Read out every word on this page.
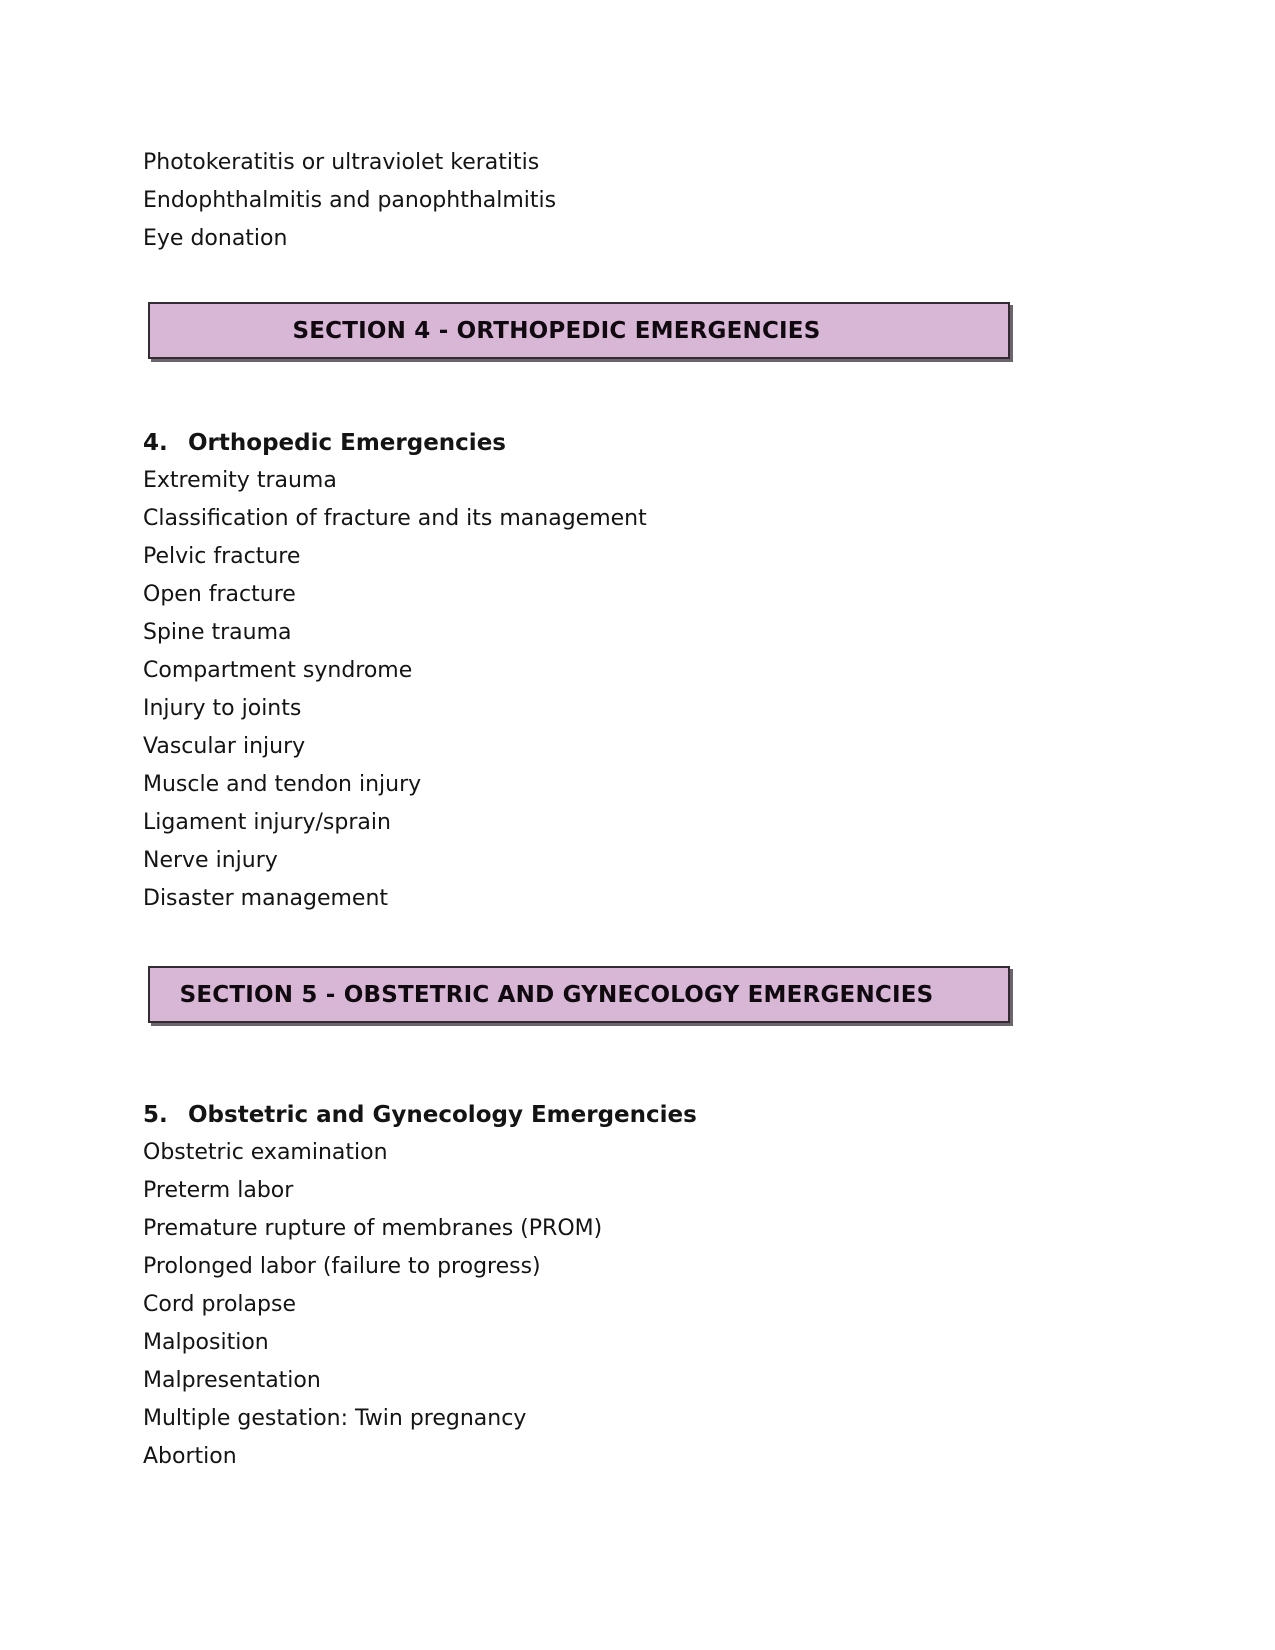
Photokeratitis or ultraviolet keratitis

Endophthalmitis and panophthalmitis

Eye donation

SECTION 4 - ORTHOPEDIC EMERGENCIES

4. Orthopedic Emergencies

Extremity trauma

Classification of fracture and its management

Pelvic fracture

Open fracture

Spine trauma

Compartment syndrome

Injury to joints

Vascular injury

Muscle and tendon injury

Ligament injury/sprain

Nerve injury

Disaster management

SECTION 5 - OBSTETRIC AND GYNECOLOGY EMERGENCIES

5. Obstetric and Gynecology Emergencies

Obstetric examination

Preterm labor

Premature rupture of membranes (PROM)

Prolonged labor (failure to progress)

Cord prolapse

Malposition

Malpresentation

Multiple gestation: Twin pregnancy

Abortion
